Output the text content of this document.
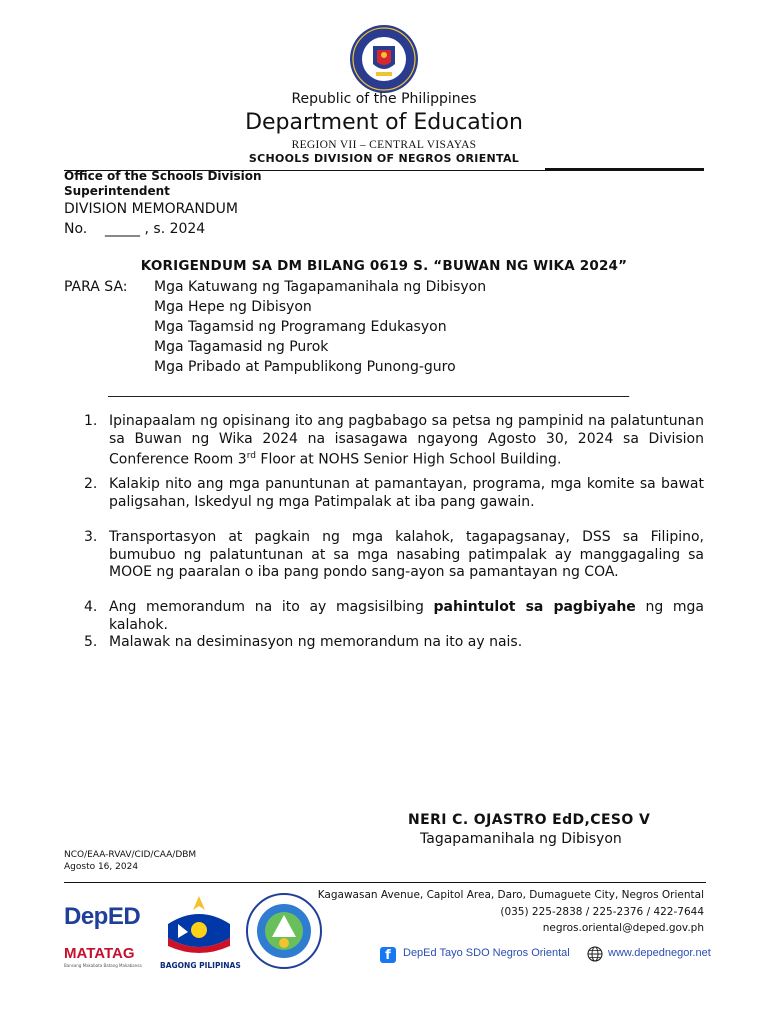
Republic of the Philippines
Department of Education
REGION VII – CENTRAL VISAYAS
SCHOOLS DIVISION OF NEGROS ORIENTAL
Office of the Schools Division
Superintendent
DIVISION MEMORANDUM
No.    _____ , s. 2024
KORIGENDUM SA DM BILANG 0619 S. “BUWAN NG WIKA 2024”
PARA SA: Mga Katuwang ng Tagapamanihala ng Dibisyon
Mga Hepe ng Dibisyon
Mga Tagamsid ng Programang Edukasyon
Mga Tagamasid ng Purok
Mga Pribado at Pampublikong Punong-guro
____________________________________________________________________________________
1. Ipinapaalam ng opisinang ito ang pagbabago sa petsa ng pampinid na palatuntunan sa Buwan ng Wika 2024 na isasagawa ngayong Agosto 30, 2024 sa Division Conference Room 3rd Floor at NOHS Senior High School Building.
2. Kalakip nito ang mga panuntunan at pamantayan, programa, mga komite sa bawat paligsahan, Iskedyul ng mga Patimpalak at iba pang gawain.
3. Transportasyon at pagkain ng mga kalahok, tagapagsanay, DSS sa Filipino, bumubuo ng palatuntunan at sa mga nasabing patimpalak ay manggagaling sa MOOE ng paaralan o iba pang pondo sang-ayon sa pamantayan ng COA.
4. Ang memorandum na ito ay magsisilbing pahintulot sa pagbiyahe ng mga kalahok.
5. Malawak na desiminasyon ng memorandum na ito ay nais.
NERI C. OJASTRO EdD,CESO V
Tagapamanihala ng Dibisyon
NCO/EAA-RVAV/CID/CAA/DBM
Agosto 16, 2024
DepED
MATATAG
Bansang Makabata Batang Makabansa BAGONG PILIPINAS
Kagawasan Avenue, Capitol Area, Daro, Dumaguete City, Negros Oriental
(035) 225-2838 / 225-2376 / 422-7644
negros.oriental@deped.gov.ph
f	DepEd Tayo SDO Negros Oriental	www.depednegor.net
